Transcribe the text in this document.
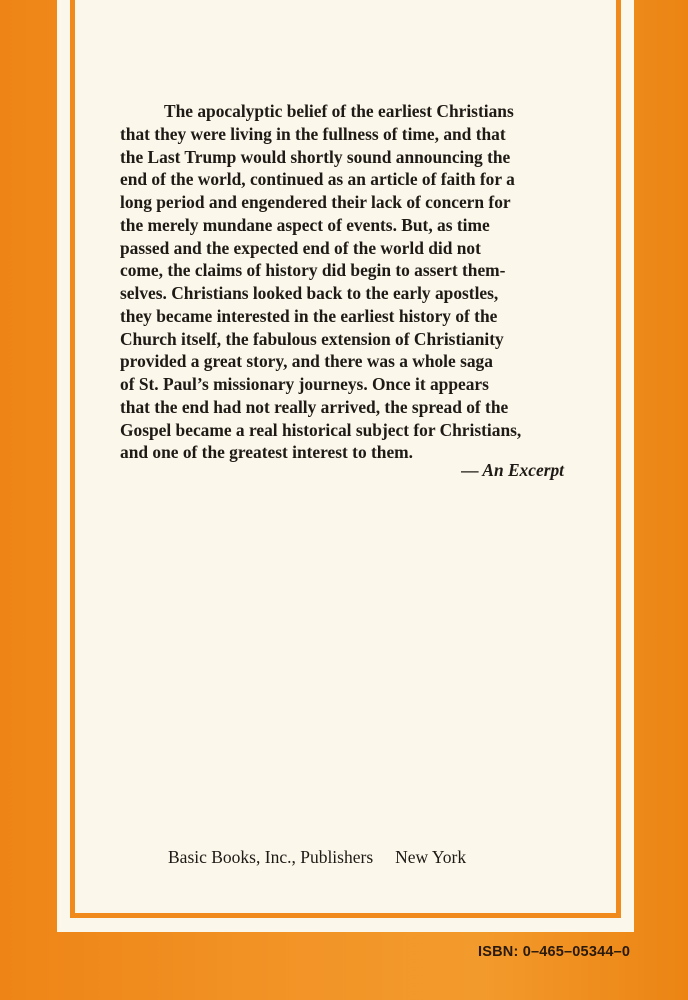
The apocalyptic belief of the earliest Christians
that they were living in the fullness of time, and that
the Last Trump would shortly sound announcing the
end of the world, continued as an article of faith for a
long period and engendered their lack of concern for
the merely mundane aspect of events. But, as time
passed and the expected end of the world did not
come, the claims of history did begin to assert them-
selves. Christians looked back to the early apostles,
they became interested in the earliest history of the
Church itself, the fabulous extension of Christianity
provided a great story, and there was a whole saga
of St. Paul’s missionary journeys. Once it appears
that the end had not really arrived, the spread of the
Gospel became a real historical subject for Christians,
and one of the greatest interest to them.

— An Excerpt
Basic Books, Inc., Publishers New York
ISBN: 0–465–05344–0
